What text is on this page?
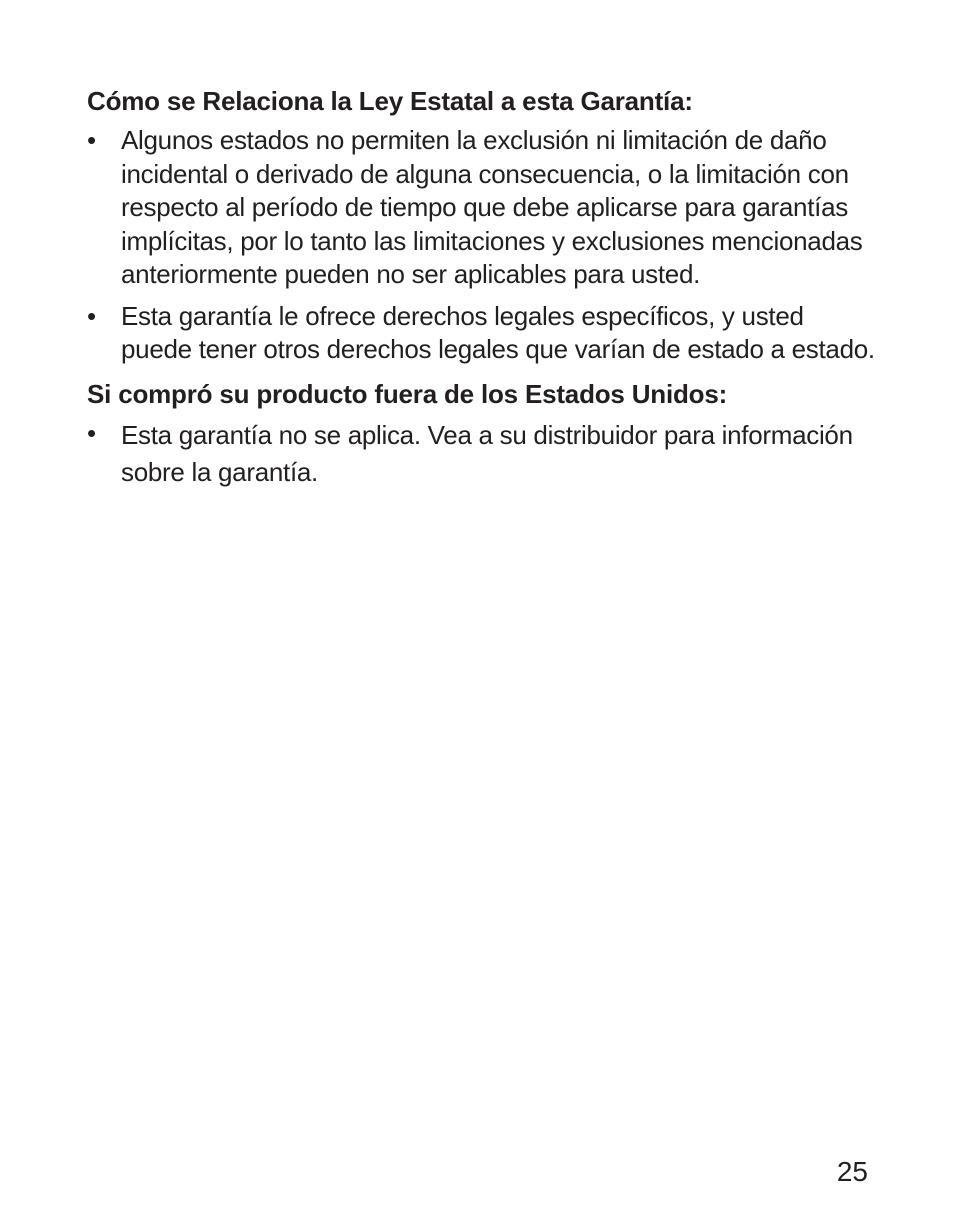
Cómo se Relaciona la Ley Estatal a esta Garantía:
• Algunos estados no permiten la exclusión ni limitación de daño incidental o derivado de alguna consecuencia, o la limitación con respecto al período de tiempo que debe aplicarse para garantías implícitas, por lo tanto las limitaciones y exclusiones mencionadas anteriormente pueden no ser aplicables para usted.
• Esta garantía le ofrece derechos legales específicos, y usted puede tener otros derechos legales que varían de estado a estado.
Si compró su producto fuera de los Estados Unidos:
• Esta garantía no se aplica. Vea a su distribuidor para información sobre la garantía.
25
